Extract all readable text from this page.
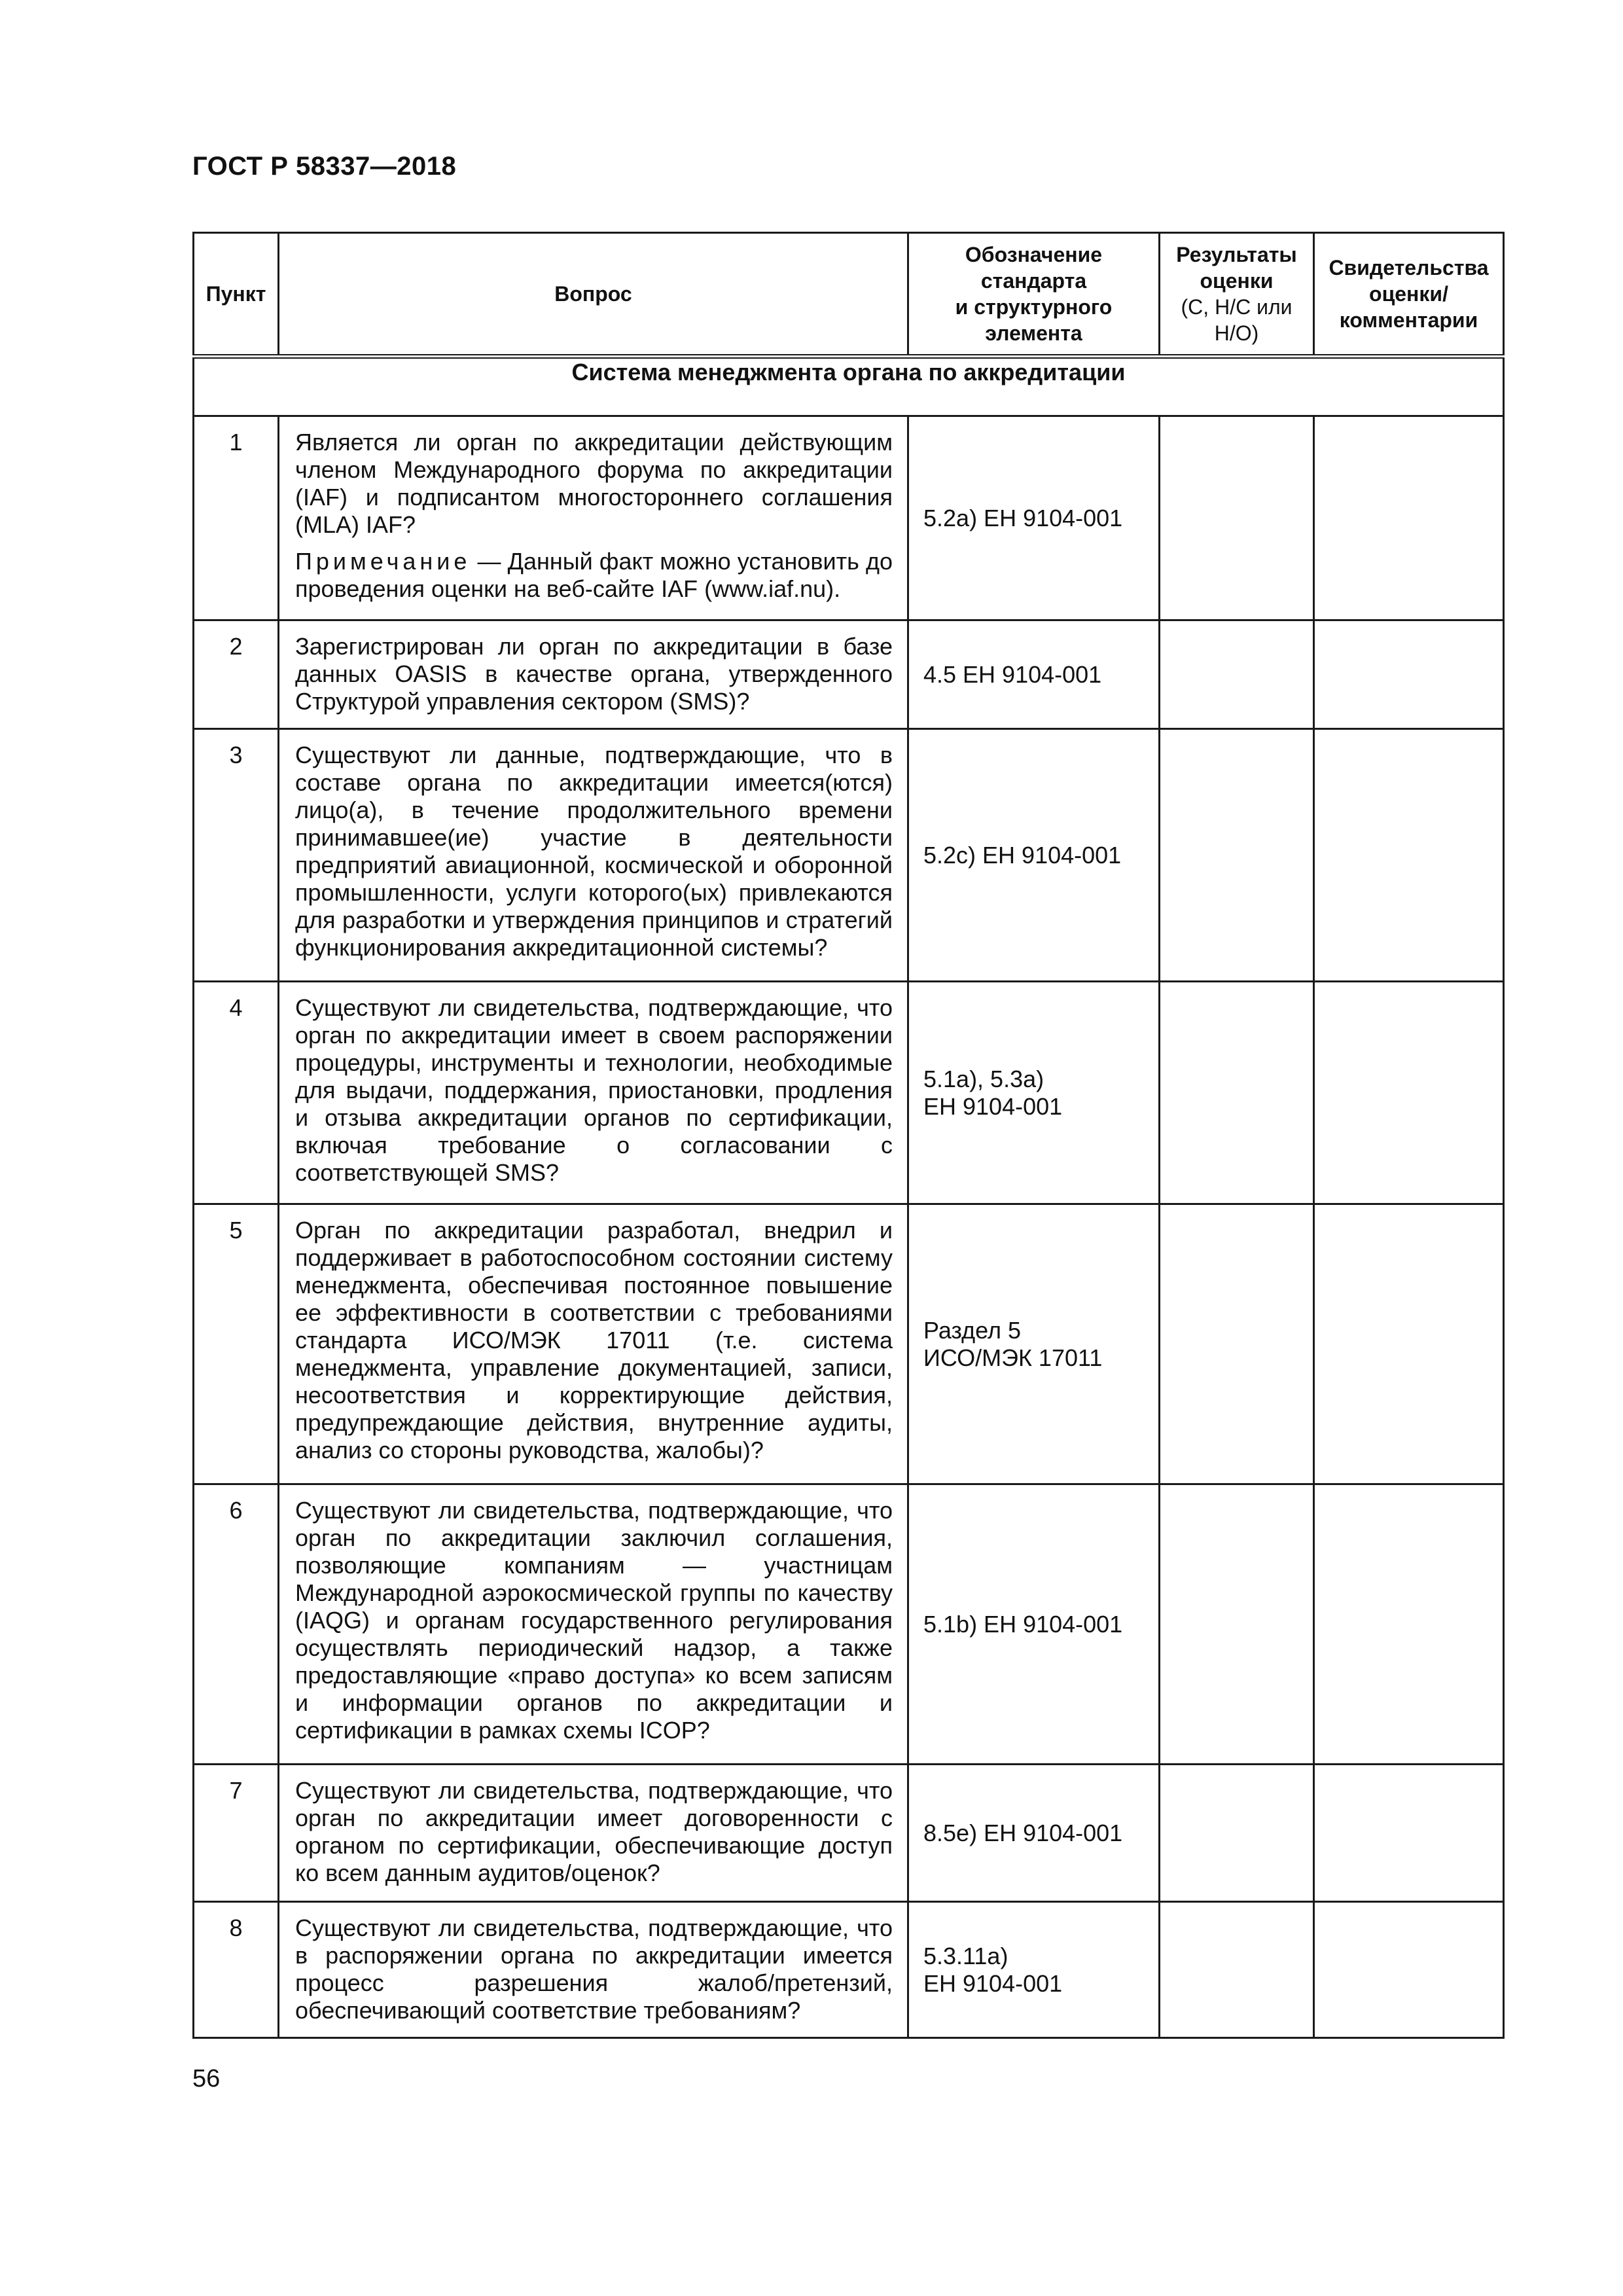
ГОСТ Р 58337—2018
Пункт	Вопрос	Обозначение
стандарта
и структурного
элемента	Результаты
оценки
(С, Н/С или
Н/О)	Свидетельства
оценки/
комментарии
Система менеджмента органа по аккредитации				
1	Является ли орган по аккредитации действующим членом Международного форума по аккредитации (IAF) и подписантом многостороннего соглашения (MLA) IAF?

Примечание — Данный факт можно установить до проведения оценки на веб-сайте IAF (www.iaf.nu).	5.2a) ЕН 9104-001		
2	Зарегистрирован ли орган по аккредитации в базе данных OASIS в качестве органа, утвержденного Структурой управления сектором (SMS)?	4.5 ЕН 9104-001		
3	Существуют ли данные, подтверждающие, что в составе органа по аккредитации имеется(ются) лицо(а), в течение продолжительного времени принимавшее(ие) участие в деятельности предприятий авиационной, космической и оборонной промышленности, услуги которого(ых) привлекаются для разработки и утверждения принципов и стратегий функционирования аккредитационной системы?	5.2c) ЕН 9104-001		
4	Существуют ли свидетельства, подтверждающие, что орган по аккредитации имеет в своем распоряжении процедуры, инструменты и технологии, необходимые для выдачи, поддержания, приостановки, продления и отзыва аккредитации органов по сертификации, включая требование о согласовании с соответствующей SMS?	5.1a), 5.3a)
ЕН 9104-001		
5	Орган по аккредитации разработал, внедрил и поддерживает в работоспособном состоянии систему менеджмента, обеспечивая постоянное повышение ее эффективности в соответствии с требованиями стандарта ИСО/МЭК 17011 (т.е. система менеджмента, управление документацией, записи, несоответствия и корректирующие действия, предупреждающие действия, внутренние аудиты, анализ со стороны руководства, жалобы)?	Раздел 5
ИСО/МЭК 17011		
6	Существуют ли свидетельства, подтверждающие, что орган по аккредитации заключил соглашения, позволяющие компаниям — участницам Международной аэрокосмической группы по качеству (IAQG) и органам государственного регулирования осуществлять периодический надзор, а также предоставляющие «право доступа» ко всем записям и информации органов по аккредитации и сертификации в рамках схемы ICOP?	5.1b) ЕН 9104-001		
7	Существуют ли свидетельства, подтверждающие, что орган по аккредитации имеет договоренности с органом по сертификации, обеспечивающие доступ ко всем данным аудитов/оценок?	8.5e) ЕН 9104-001		
8	Существуют ли свидетельства, подтверждающие, что в распоряжении органа по аккредитации имеется процесс разрешения жалоб/претензий, обеспечивающий соответствие требованиям?	5.3.11a)
ЕН 9104-001		
56
